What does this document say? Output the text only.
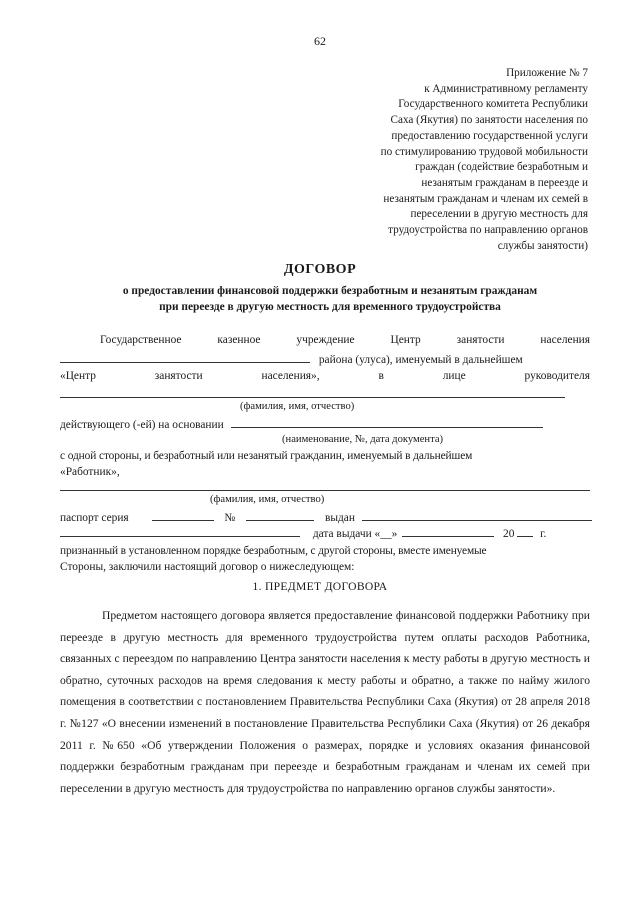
62
Приложение № 7
к Административному регламенту
Государственного комитета Республики
Саха (Якутия) по занятости населения по
предоставлению государственной услуги
по стимулированию трудовой мобильности
граждан (содействие безработным и
незанятым гражданам в переезде и
незанятым гражданам и членам их семей в
переселении в другую местность для
трудоустройства по направлению органов
службы занятости)
ДОГОВОР
о предоставлении финансовой поддержки безработным и незанятым гражданам
при переезде в другую местность для временного трудоустройства
Государственное	казенное	учреждение	Центр	занятости	населения
района (улуса), именуемый в дальнейшем
«Центр	занятости	населения»,	в	лице	руководителя
(фамилия, имя, отчество)
действующего (-ей) на основании
(наименование, №, дата документа)
с одной стороны, и безработный или незанятый гражданин, именуемый в дальнейшем
«Работник»,
(фамилия, имя, отчество)
паспорт серия	№	выдан
дата выдачи «__»	20 г.
признанный в установленном порядке безработным, с другой стороны, вместе именуемые
Стороны, заключили настоящий договор о нижеследующем:
1. ПРЕДМЕТ ДОГОВОРА
Предметом настоящего договора является предоставление финансовой поддержки Работнику при переезде в другую местность для временного трудоустройства путем оплаты расходов Работника, связанных с переездом по направлению Центра занятости населения к месту работы в другую местность и обратно, суточных расходов на время следования к месту работы и обратно, а также по найму жилого помещения в соответствии с постановлением Правительства Республики Саха (Якутия) от 28 апреля 2018 г. №127 «О внесении изменений в постановление Правительства Республики Саха (Якутия) от 26 декабря 2011 г. №650 «Об утверждении Положения о размерах, порядке и условиях оказания финансовой поддержки безработным гражданам при переезде и безработным гражданам и членам их семей при переселении в другую местность для трудоустройства по направлению органов службы занятости».
